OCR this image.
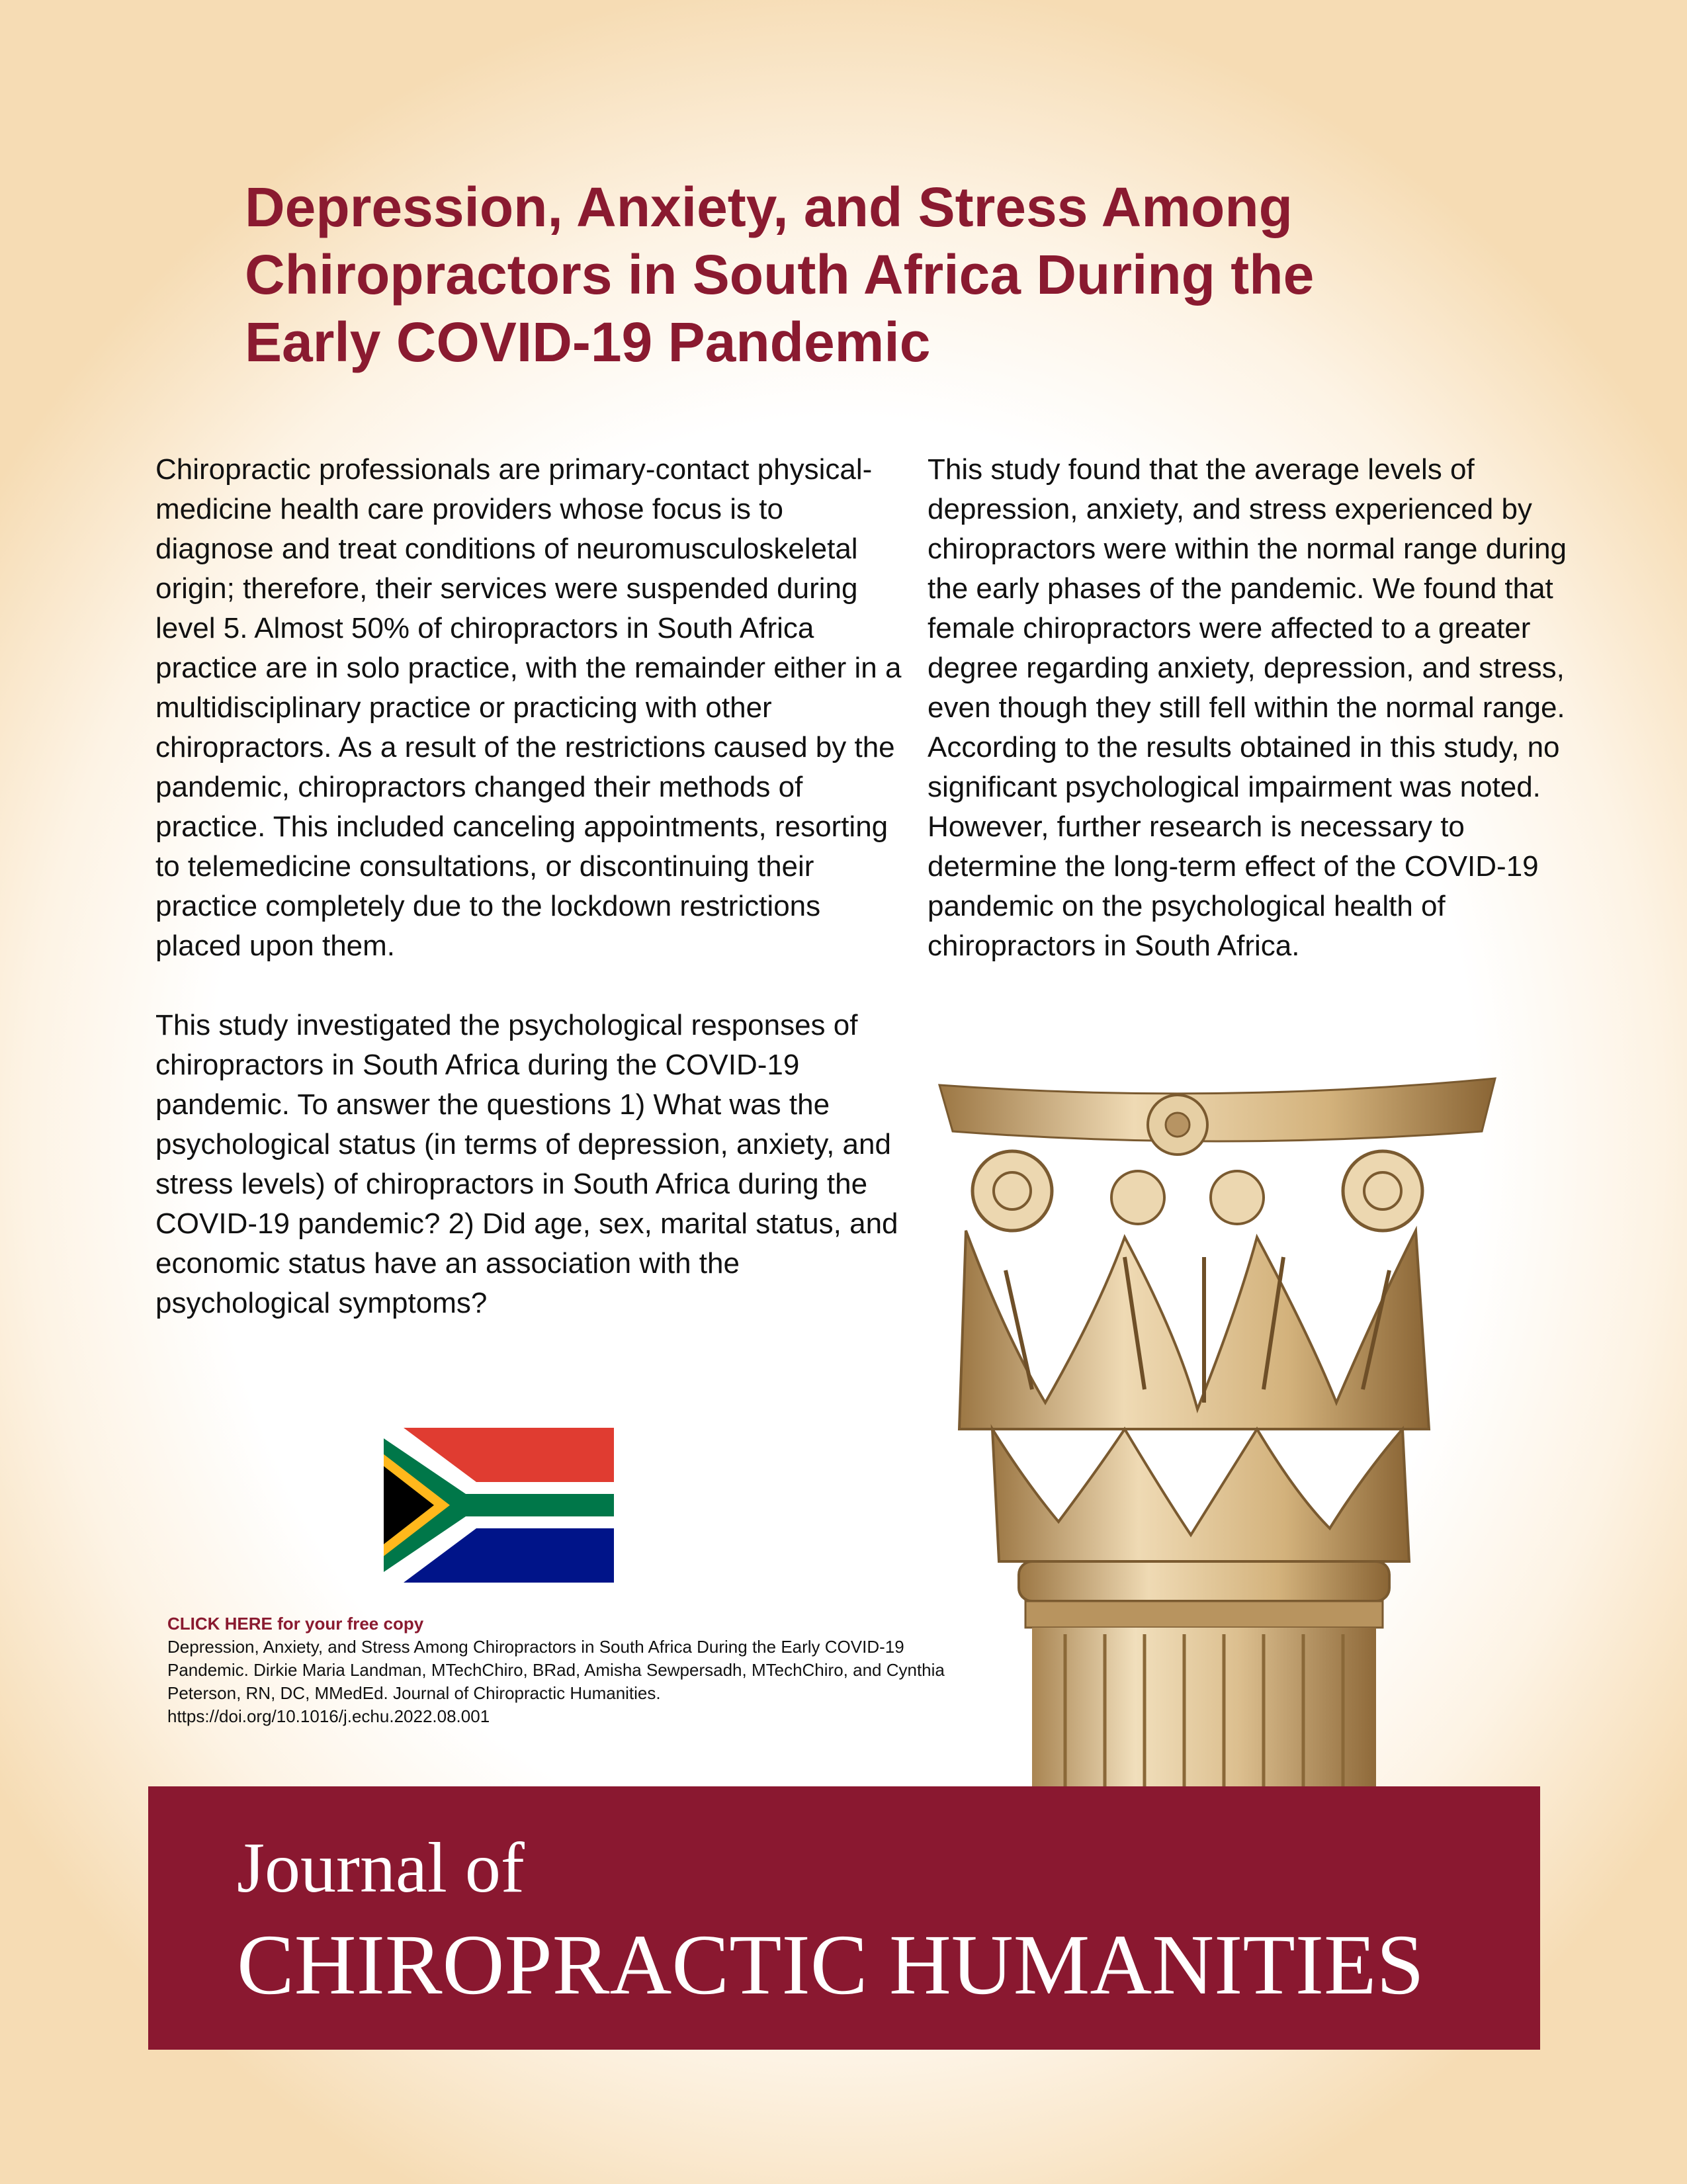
Depression, Anxiety, and Stress Among
Chiropractors in South Africa During the
Early COVID-19 Pandemic

Chiropractic professionals are primary-contact physical-medicine health care providers whose focus is to diagnose and treat conditions of neuromusculoskeletal origin; therefore, their services were suspended during level 5. Almost 50% of chiropractors in South Africa practice are in solo practice, with the remainder either in a multidisciplinary practice or practicing with other chiropractors. As a result of the restrictions caused by the pandemic, chiropractors changed their methods of practice. This included canceling appointments, resorting to telemedicine consultations, or discontinuing their practice completely due to the lockdown restrictions placed upon them.

This study investigated the psychological responses of chiropractors in South Africa during the COVID-19 pandemic. To answer the questions 1) What was the psychological status (in terms of depression, anxiety, and stress levels) of chiropractors in South Africa during the COVID-19 pandemic? 2) Did age, sex, marital status, and economic status have an association with the psychological symptoms?

This study found that the average levels of depression, anxiety, and stress experienced by chiropractors were within the normal range during the early phases of the pandemic. We found that female chiropractors were affected to a greater degree regarding anxiety, depression, and stress, even though they still fell within the normal range. According to the results obtained in this study, no significant psychological impairment was noted. However, further research is necessary to determine the long-term effect of the COVID-19 pandemic on the psychological health of chiropractors in South Africa.

CLICK HERE for your free copy
Depression, Anxiety, and Stress Among Chiropractors in South Africa During the Early COVID-19 Pandemic. Dirkie Maria Landman, MTechChiro, BRad, Amisha Sewpersadh, MTechChiro, and Cynthia Peterson, RN, DC, MMedEd. Journal of Chiropractic Humanities. https://doi.org/10.1016/j.echu.2022.08.001
Journal of
CHIROPRACTIC HUMANITIES
